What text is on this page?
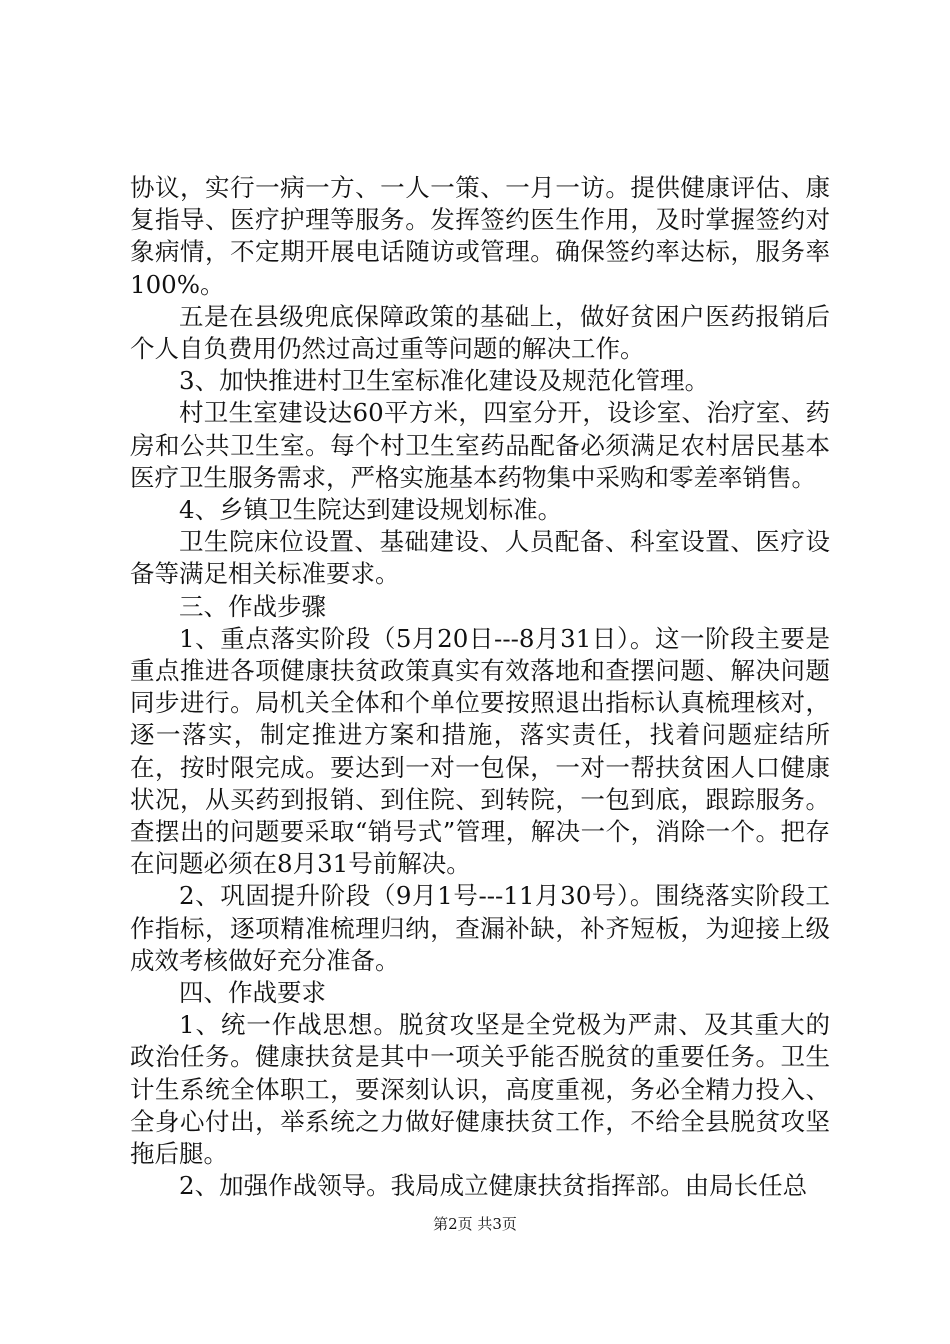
协议，实行一病一方、一人一策、一月一访。提供健康评估、康复指导、医疗护理等服务。发挥签约医生作用，及时掌握签约对象病情，不定期开展电话随访或管理。确保签约率达标，服务率100%。

五是在县级兜底保障政策的基础上，做好贫困户医药报销后个人自负费用仍然过高过重等问题的解决工作。

3、加快推进村卫生室标准化建设及规范化管理。

村卫生室建设达60平方米，四室分开，设诊室、治疗室、药房和公共卫生室。每个村卫生室药品配备必须满足农村居民基本医疗卫生服务需求，严格实施基本药物集中采购和零差率销售。

4、乡镇卫生院达到建设规划标准。

卫生院床位设置、基础建设、人员配备、科室设置、医疗设备等满足相关标准要求。

三、作战步骤

1、重点落实阶段（5月20日---8月31日）。这一阶段主要是重点推进各项健康扶贫政策真实有效落地和查摆问题、解决问题同步进行。局机关全体和个单位要按照退出指标认真梳理核对，逐一落实，制定推进方案和措施，落实责任，找着问题症结所在，按时限完成。要达到一对一包保，一对一帮扶贫困人口健康状况，从买药到报销、到住院、到转院，一包到底，跟踪服务。查摆出的问题要采取“销号式”管理，解决一个，消除一个。把存在问题必须在8月31号前解决。

2、巩固提升阶段（9月1号---11月30号）。围绕落实阶段工作指标，逐项精准梳理归纳，查漏补缺，补齐短板，为迎接上级成效考核做好充分准备。

四、作战要求

1、统一作战思想。脱贫攻坚是全党极为严肃、及其重大的政治任务。健康扶贫是其中一项关乎能否脱贫的重要任务。卫生计生系统全体职工，要深刻认识，高度重视，务必全精力投入、全身心付出，举系统之力做好健康扶贫工作，不给全县脱贫攻坚拖后腿。

2、加强作战领导。我局成立健康扶贫指挥部。由局长任总

第2页 共3页
